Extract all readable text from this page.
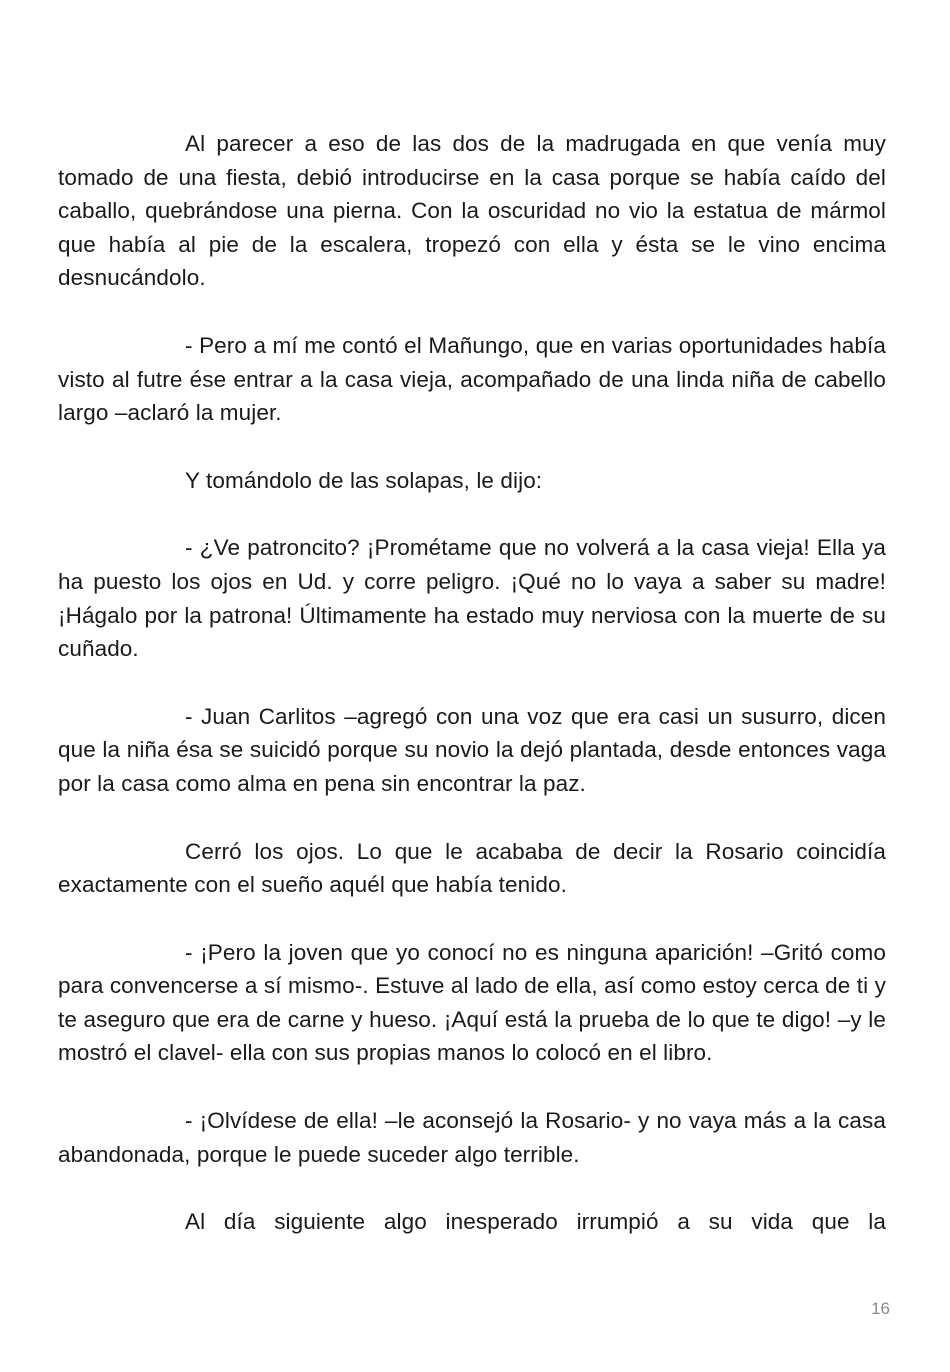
Al parecer a eso de las dos de la madrugada en que venía muy tomado de una fiesta, debió introducirse en la casa porque se había caído del caballo, quebrándose una pierna. Con la oscuridad no vio la estatua de mármol que había al pie de la escalera, tropezó con ella y ésta se le vino encima desnucándolo.

- Pero a mí me contó el Mañungo, que en varias oportunidades había visto al futre ése entrar a la casa vieja, acompañado de una linda niña de cabello largo –aclaró la mujer.

Y tomándolo de las solapas, le dijo:

- ¿Ve patroncito? ¡Prométame que no volverá a la casa vieja! Ella ya ha puesto los ojos en Ud. y corre peligro. ¡Qué no lo vaya a saber su madre! ¡Hágalo por la patrona! Últimamente ha estado muy nerviosa con la muerte de su cuñado.

- Juan Carlitos –agregó con una voz que era casi un susurro, dicen que la niña ésa se suicidó porque su novio la dejó plantada, desde entonces vaga por la casa como alma en pena sin encontrar la paz.

Cerró los ojos. Lo que le acababa de decir la Rosario coincidía exactamente con el sueño aquél que había tenido.

- ¡Pero la joven que yo conocí no es ninguna aparición! –Gritó como para convencerse a sí mismo-. Estuve al lado de ella, así como estoy cerca de ti y te aseguro que era de carne y hueso. ¡Aquí está la prueba de lo que te digo! –y le mostró el clavel- ella con sus propias manos lo colocó en el libro.

- ¡Olvídese de ella! –le aconsejó la Rosario- y no vaya más a la casa abandonada, porque le puede suceder algo terrible.

Al día siguiente algo inesperado irrumpió a su vida que la

16
